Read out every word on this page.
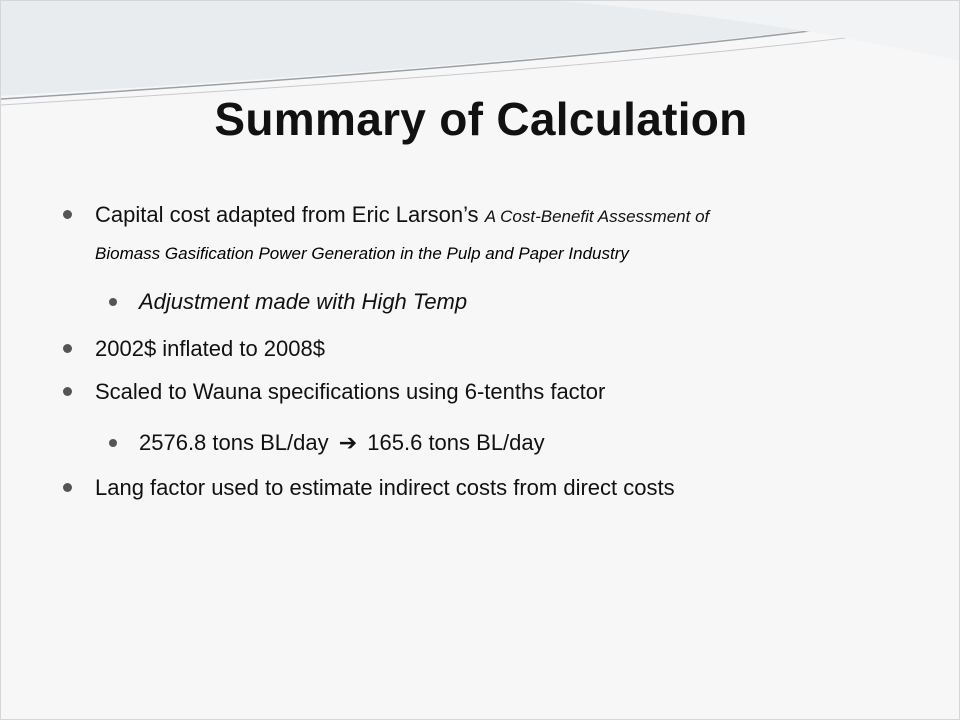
Summary of Calculation
Capital cost adapted from Eric Larson’s A Cost-Benefit Assessment of
Biomass Gasification Power Generation in the Pulp and Paper Industry
Adjustment made with High Temp
2002$ inflated to 2008$
Scaled to Wauna specifications using 6-tenths factor
2576.8 tons BL/day ➔ 165.6 tons BL/day
Lang factor used to estimate indirect costs from direct costs
